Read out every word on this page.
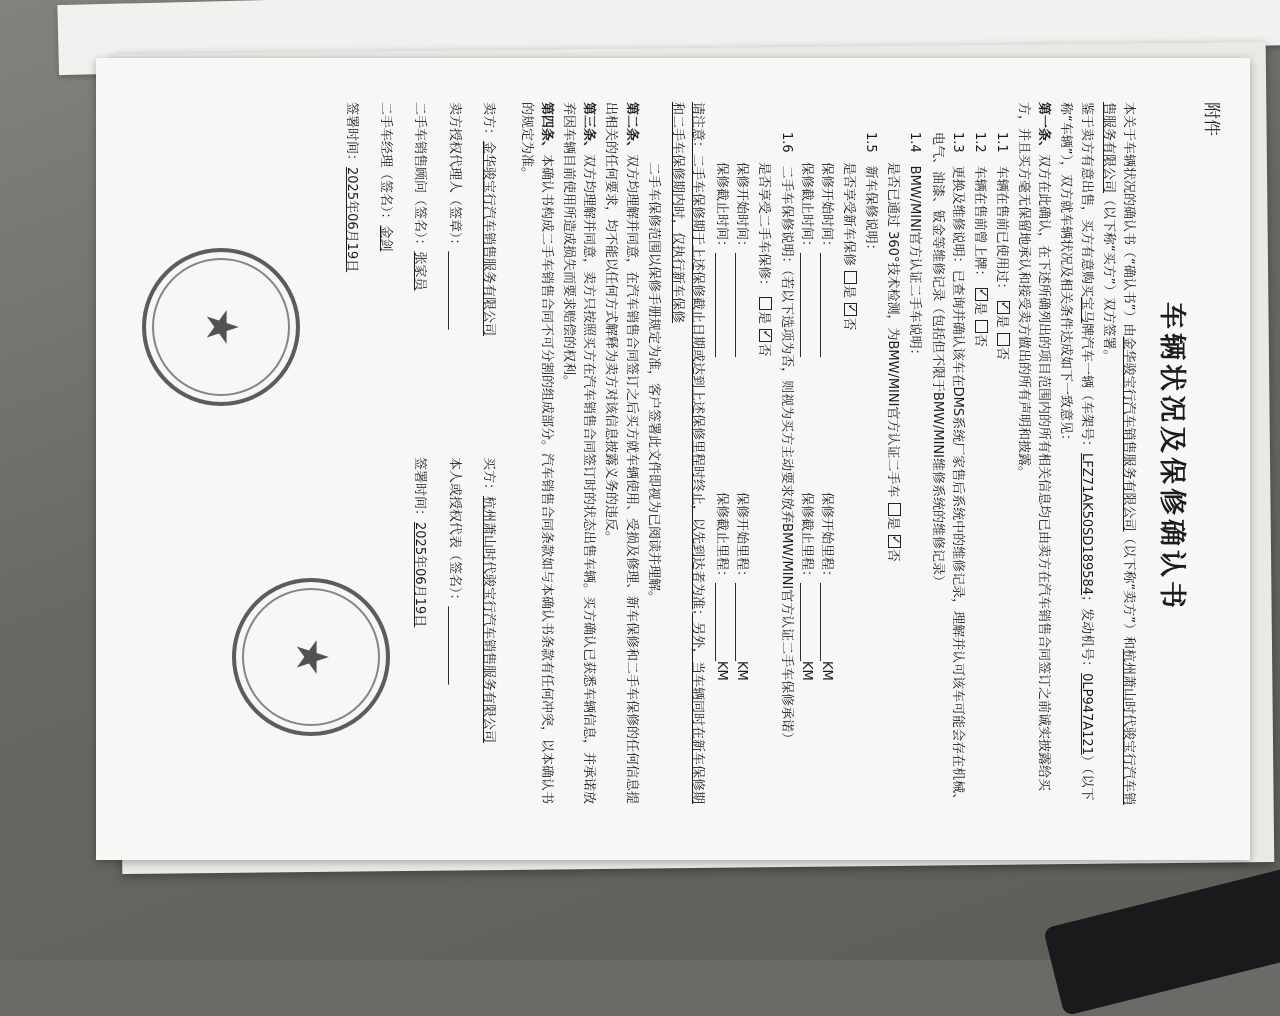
附件
车辆状况及保修确认书

本关于车辆状况的确认书（“确认书”）由金华骏宝行汽车销售服务有限公司（以下称“卖方”）和杭州萧山时代骏宝行汽车销售服务有限公司（以下称“买方”）双方签署。

鉴于卖方有意出售，买方有意购买宝马牌汽车一辆（车架号：LFZ71AK50SD189584；发动机号：0LP947A121）（以下称“车辆”），双方就车辆状况及相关条件达成如下一致意见：

第一条、双方在此确认，在下述所确列出的项目范围内的所有相关信息均已由卖方在汽车销售合同签订之前诚实披露给买方，并且买方毫无保留地承认和接受卖方做出的所有声明和披露。

1.1　车辆在售前已使用过： ✓是 否

1.2　车辆在售前曾上牌： ✓是 否

1.3　更换及维修说明：已查询并确认该车在DMS系统厂家售后系统中的维修记录，理解并认可该车可能会存在机械、电气、油漆、钣金等维修记录（包括但不限于BMW/MINI维修系统的维修记录）

1.4　BMW/MINI官方认证二手车说明：

是否已通过 360°技术检测，为BMW/MINI官方认证二手车 是 ✓否

1.5　新车保修说明：

是否享受新车保修 是 ✓否

保修开始时间：________________
保修开始里程：____________KM
保修截止时间：________________
保修截止里程：____________KM

1.6　二手车保修说明：（若以下选项为否，则视为买方主动要求放弃BMW/MINI官方认证二手车保修承诺）

是否享受二手车保修： 是 ✓否

保修开始时间：________________
保修开始里程：____________KM
保修截止时间：________________
保修截止里程：____________KM

请注意：二手车保修期于上述保修截止日期或达到上述保修里程时终止，以先到达者为准；另外，当车辆同时在新车保修期和二手车保修期内时，仅执行新车保修

二手车保修范围以保修手册规定为准，客户签署此文件即视为已阅读并理解。

第二条、双方均理解并同意，在汽车销售合同签订之后买方就车辆使用、受损及修理、新车保修和二手车保修的任何信息提出相关的任何要求，均不能以任何方式解释为卖方对该信息披露义务的违反。

第三条、双方均理解并同意，卖方只按照买方在汽车销售合同签订时的状态出售车辆。买方确认已获悉车辆信息，并承诺放弃因车辆目前使用所造成损失而要求赔偿的权利。

第四条、本确认书构成二手车销售合同不可分割的组成部分。汽车销售合同条款如与本确认书条款有任何冲突，以本确认书的规定为准。

卖方：金华骏宝行汽车销售服务有限公司

卖方授权代理人（签章）：____________

二手车销售顾问（签名）：张家员

二手车经理（签名）：金剑

签署时间：2025年06月19日

买方：杭州萧山时代骏宝行汽车销售服务有限公司

本人或授权代表（签名）：____________

签署时间：2025年06月19日

★
★
